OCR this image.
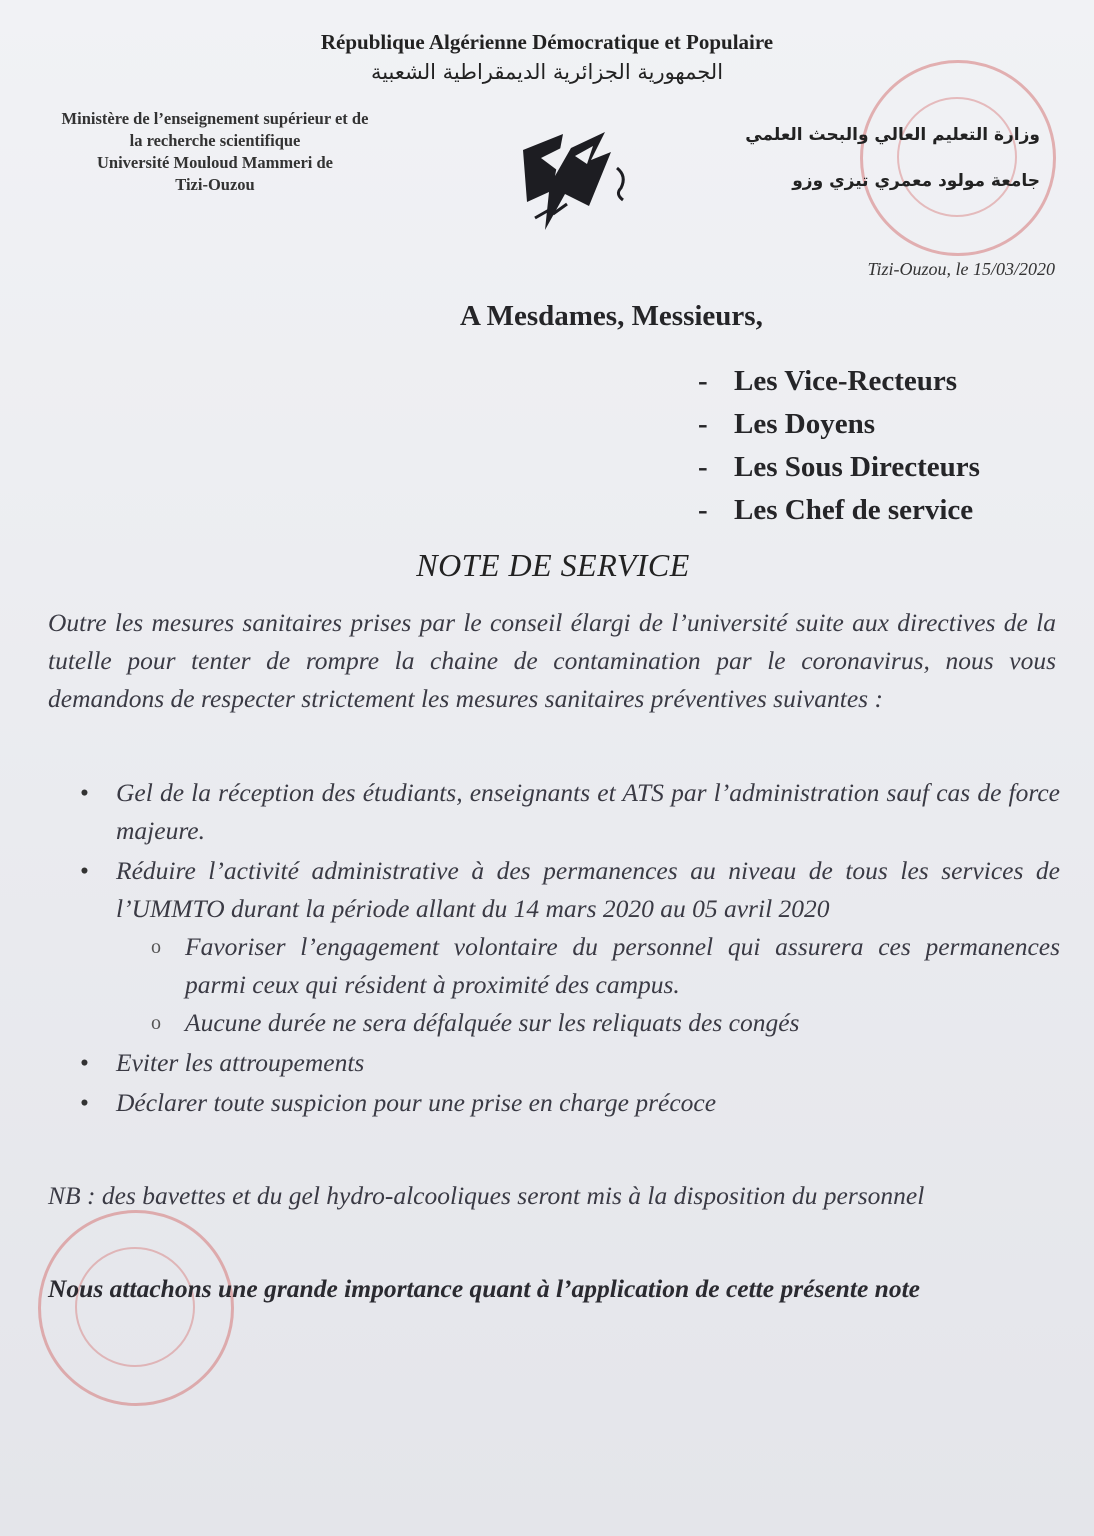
République Algérienne Démocratique et Populaire
الجمهورية الجزائرية الديمقراطية الشعبية
Ministère de l’enseignement supérieur et de
la recherche scientifique
Université Mouloud Mammeri de
Tizi-Ouzou
وزارة التعليم العالي والبحث العلمي
جامعة مولود معمري تيزي وزو
Tizi-Ouzou, le 15/03/2020
A Mesdames, Messieurs,
- Les Vice-Recteurs
- Les Doyens
- Les Sous Directeurs
- Les Chef de service
NOTE DE SERVICE
Outre les mesures sanitaires prises par le conseil élargi de l’université suite aux directives de la tutelle pour tenter de rompre la chaine de contamination par le coronavirus, nous vous demandons de respecter strictement les mesures sanitaires préventives suivantes :
• Gel de la réception des étudiants, enseignants et ATS par l’administration sauf cas de force majeure.
• Réduire l’activité administrative à des permanences au niveau de tous les services de l’UMMTO durant la période allant du 14 mars 2020 au 05 avril 2020
o Favoriser l’engagement volontaire du personnel qui assurera ces permanences parmi ceux qui résident à proximité des campus.
o Aucune durée ne sera défalquée sur les reliquats des congés
• Eviter les attroupements
• Déclarer toute suspicion pour une prise en charge précoce
NB : des bavettes et du gel hydro-alcooliques seront mis à la disposition du personnel
Nous attachons une grande importance quant à l’application de cette présente note
